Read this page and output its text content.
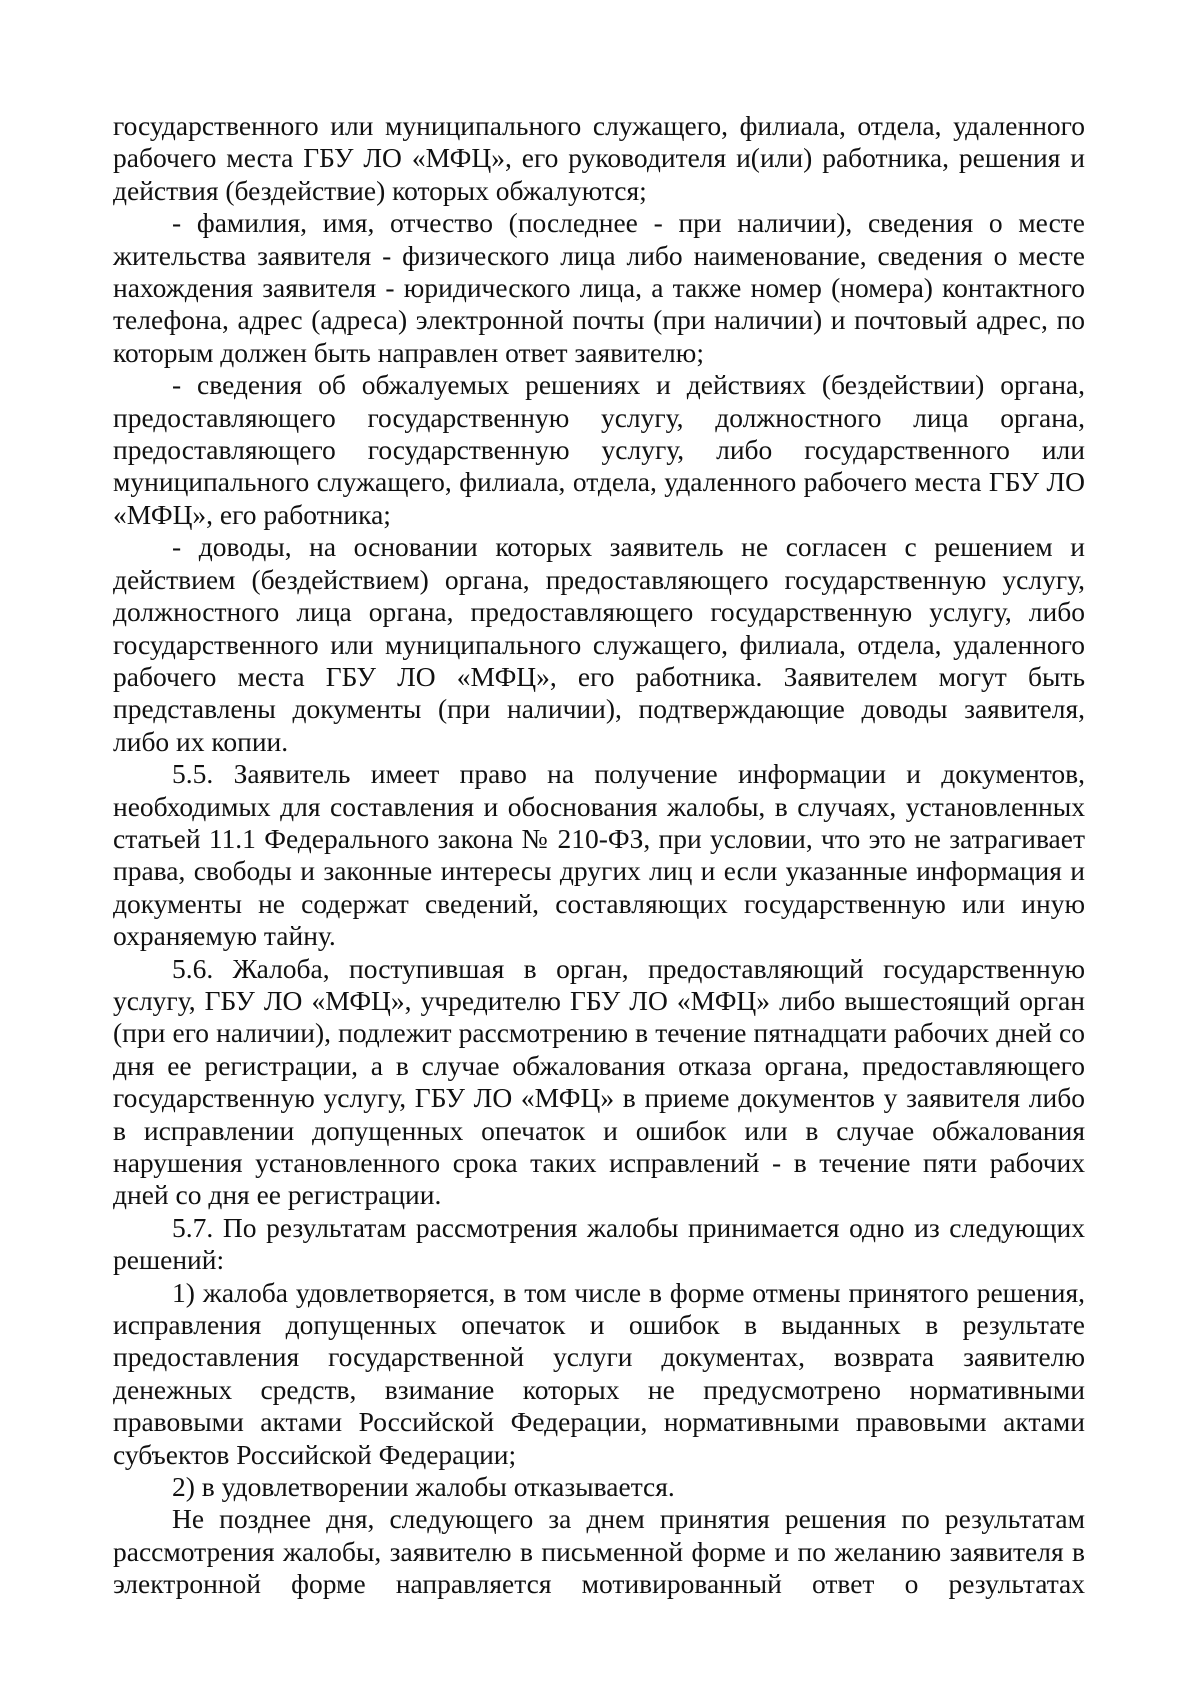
государственного или муниципального служащего, филиала, отдела, удаленного рабочего места ГБУ ЛО «МФЦ», его руководителя и(или) работника, решения и действия (бездействие) которых обжалуются;

- фамилия, имя, отчество (последнее - при наличии), сведения о месте жительства заявителя - физического лица либо наименование, сведения о месте нахождения заявителя - юридического лица, а также номер (номера) контактного телефона, адрес (адреса) электронной почты (при наличии) и почтовый адрес, по которым должен быть направлен ответ заявителю;

- сведения об обжалуемых решениях и действиях (бездействии) органа, предоставляющего государственную услугу, должностного лица органа, предоставляющего государственную услугу, либо государственного или муниципального служащего, филиала, отдела, удаленного рабочего места ГБУ ЛО «МФЦ», его работника;

- доводы, на основании которых заявитель не согласен с решением и действием (бездействием) органа, предоставляющего государственную услугу, должностного лица органа, предоставляющего государственную услугу, либо государственного или муниципального служащего, филиала, отдела, удаленного рабочего места ГБУ ЛО «МФЦ», его работника. Заявителем могут быть представлены документы (при наличии), подтверждающие доводы заявителя, либо их копии.

5.5. Заявитель имеет право на получение информации и документов, необходимых для составления и обоснования жалобы, в случаях, установленных статьей 11.1 Федерального закона № 210-ФЗ, при условии, что это не затрагивает права, свободы и законные интересы других лиц и если указанные информация и документы не содержат сведений, составляющих государственную или иную охраняемую тайну.

5.6. Жалоба, поступившая в орган, предоставляющий государственную услугу, ГБУ ЛО «МФЦ», учредителю ГБУ ЛО «МФЦ» либо вышестоящий орган (при его наличии), подлежит рассмотрению в течение пятнадцати рабочих дней со дня ее регистрации, а в случае обжалования отказа органа, предоставляющего государственную услугу, ГБУ ЛО «МФЦ» в приеме документов у заявителя либо в исправлении допущенных опечаток и ошибок или в случае обжалования нарушения установленного срока таких исправлений - в течение пяти рабочих дней со дня ее регистрации.

5.7. По результатам рассмотрения жалобы принимается одно из следующих решений:

1) жалоба удовлетворяется, в том числе в форме отмены принятого решения, исправления допущенных опечаток и ошибок в выданных в результате предоставления государственной услуги документах, возврата заявителю денежных средств, взимание которых не предусмотрено нормативными правовыми актами Российской Федерации, нормативными правовыми актами субъектов Российской Федерации;

2) в удовлетворении жалобы отказывается.

Не позднее дня, следующего за днем принятия решения по результатам рассмотрения жалобы, заявителю в письменной форме и по желанию заявителя в электронной форме направляется мотивированный ответ о результатах
